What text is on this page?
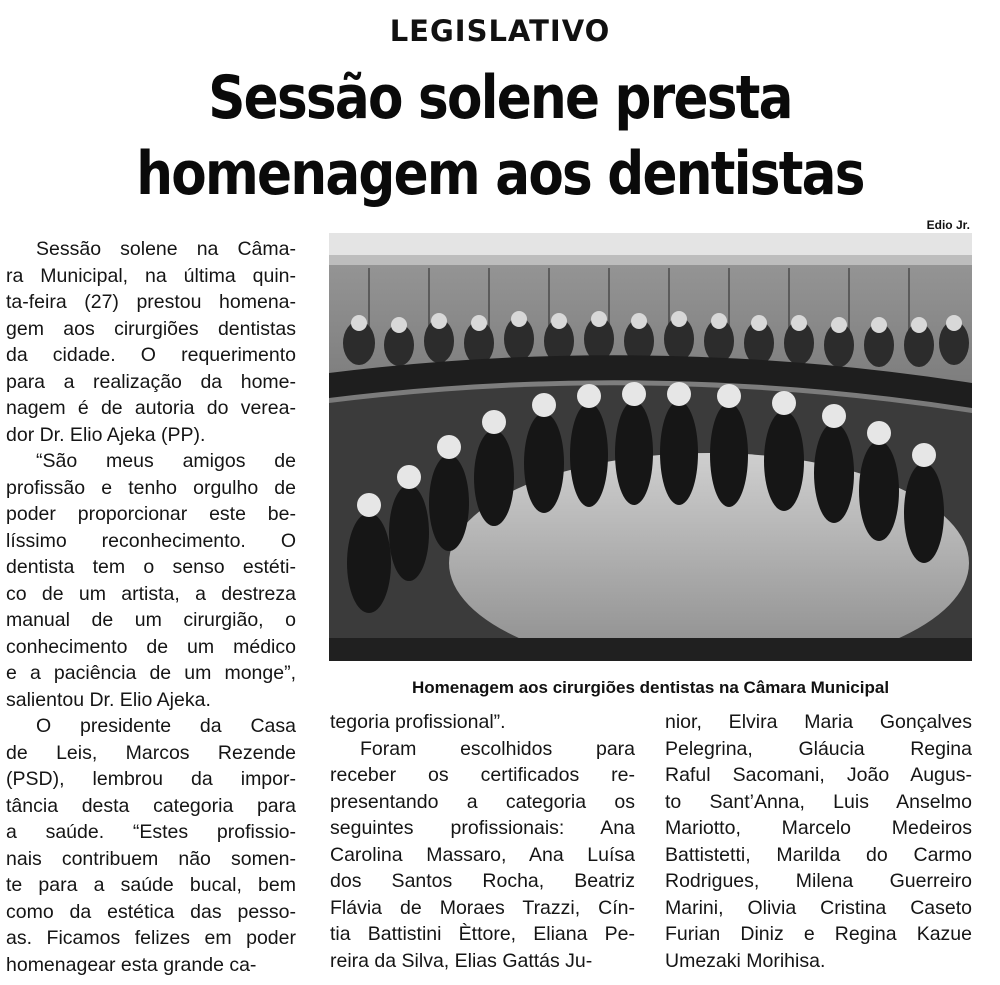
LEGISLATIVO
Sessão solene presta
homenagem aos dentistas
Edio Jr.
Homenagem aos cirurgiões dentistas na Câmara Municipal

Sessão solene na Câma-
ra Municipal, na última quin-
ta-feira (27) prestou homena-
gem aos cirurgiões dentistas
da cidade. O requerimento
para a realização da home-
nagem é de autoria do verea-
dor Dr. Elio Ajeka (PP).

“São meus amigos de
profissão e tenho orgulho de
poder proporcionar este be-
líssimo reconhecimento. O
dentista tem o senso estéti-
co de um artista, a destreza
manual de um cirurgião, o
conhecimento de um médico
e a paciência de um monge”,
salientou Dr. Elio Ajeka.

O presidente da Casa
de Leis, Marcos Rezende
(PSD), lembrou da impor-
tância desta categoria para
a saúde. “Estes profissio-
nais contribuem não somen-
te para a saúde bucal, bem
como da estética das pesso-
as. Ficamos felizes em poder
homenagear esta grande ca-

tegoria profissional”.

Foram escolhidos para
receber os certificados re-
presentando a categoria os
seguintes profissionais: Ana
Carolina Massaro, Ana Luísa
dos Santos Rocha, Beatriz
Flávia de Moraes Trazzi, Cín-
tia Battistini Èttore, Eliana Pe-
reira da Silva, Elias Gattás Ju-

nior, Elvira Maria Gonçalves
Pelegrina, Gláucia Regina
Raful Sacomani, João Augus-
to Sant’Anna, Luis Anselmo
Mariotto, Marcelo Medeiros
Battistetti, Marilda do Carmo
Rodrigues, Milena Guerreiro
Marini, Olivia Cristina Caseto
Furian Diniz e Regina Kazue
Umezaki Morihisa.
